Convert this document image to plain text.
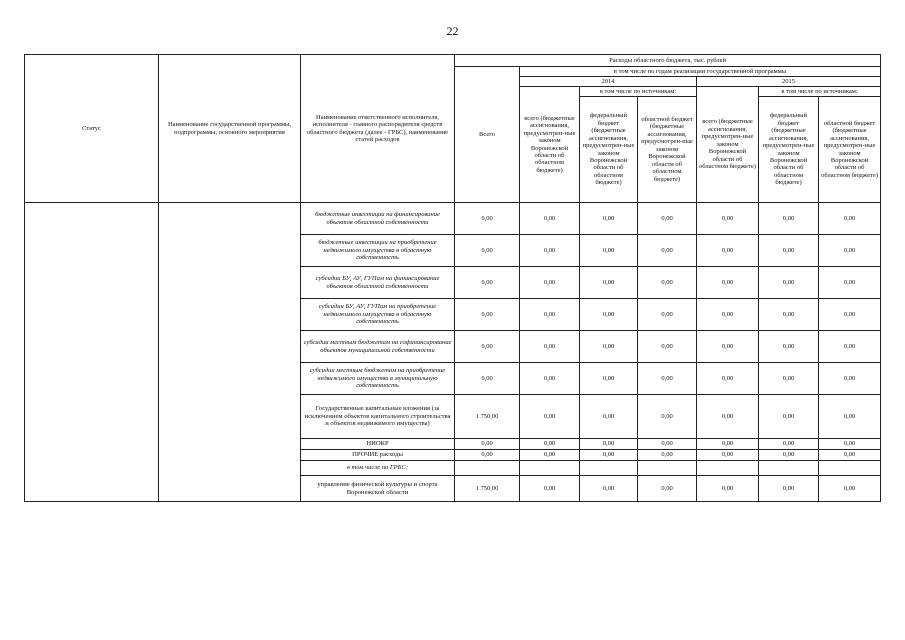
22
Статус	Наименование государственной программы, подпрограммы, основного мероприятия	Наименование ответственного исполнителя, исполнителя - главного распорядителя средств областного бюджета (далее - ГРБС), наименование статей расходов	Расходы областного бюджета, тыс. рублей						
			Всего	в том числе по годам реализации государственной программы					
				2014			2015		
				всего (бюджетные ассигнования, предусмотрен-ные законом Воронежской области об областном бюджете)	в том числе по источникам:		всего (бюджетные ассигнования, предусмотрен-ные законом Воронежской области об областном бюджете)	в том числе по источникам:	
					федеральный бюджет (бюджетные ассигнования, предусмотрен-ные законом Воронежской области об областном бюджете)	областной бюджет (бюджетные ассигнования, предусмотрен-ные законом Воронежской области об областном бюджете)		федеральный бюджет (бюджетные ассигнования, предусмотрен-ные законом Воронежской области об областном бюджете)	областной бюджет (бюджетные ассигнования, предусмотрен-ные законом Воронежской области об областном бюджете)
		бюджетные инвестиции на финансирование объектов областной собственности	0,00	0,00	0,00	0,00	0,00	0,00	0,00
		бюджетные инвестиции на приобретение недвижимого имущества в областную собственность	0,00	0,00	0,00	0,00	0,00	0,00	0,00
		субсидии БУ, АУ, ГУПам на финансирование объектов областной собственности	0,00	0,00	0,00	0,00	0,00	0,00	0,00
		субсидии БУ, АУ, ГУПам на приобретение недвижимого имущества в областную собственность	0,00	0,00	0,00	0,00	0,00	0,00	0,00
		субсидии местным бюджетам на софинансирование объектов муниципальной собственности	0,00	0,00	0,00	0,00	0,00	0,00	0,00
		субсидии местным бюджетам на приобретение недвижимого имущества в муниципальную собственность	0,00	0,00	0,00	0,00	0,00	0,00	0,00
		Государственные капитальные вложения (за исключением объектов капитального строительства и объектов недвижимого имущества)	1 750,00	0,00	0,00	0,00	0,00	0,00	0,00
		НИОКР	0,00	0,00	0,00	0,00	0,00	0,00	0,00
		ПРОЧИЕ расходы	0,00	0,00	0,00	0,00	0,00	0,00	0,00
		в том числе по ГРБС:							
		управление физической культуры и спорта Воронежской области	1 750,00	0,00	0,00	0,00	0,00	0,00	0,00
